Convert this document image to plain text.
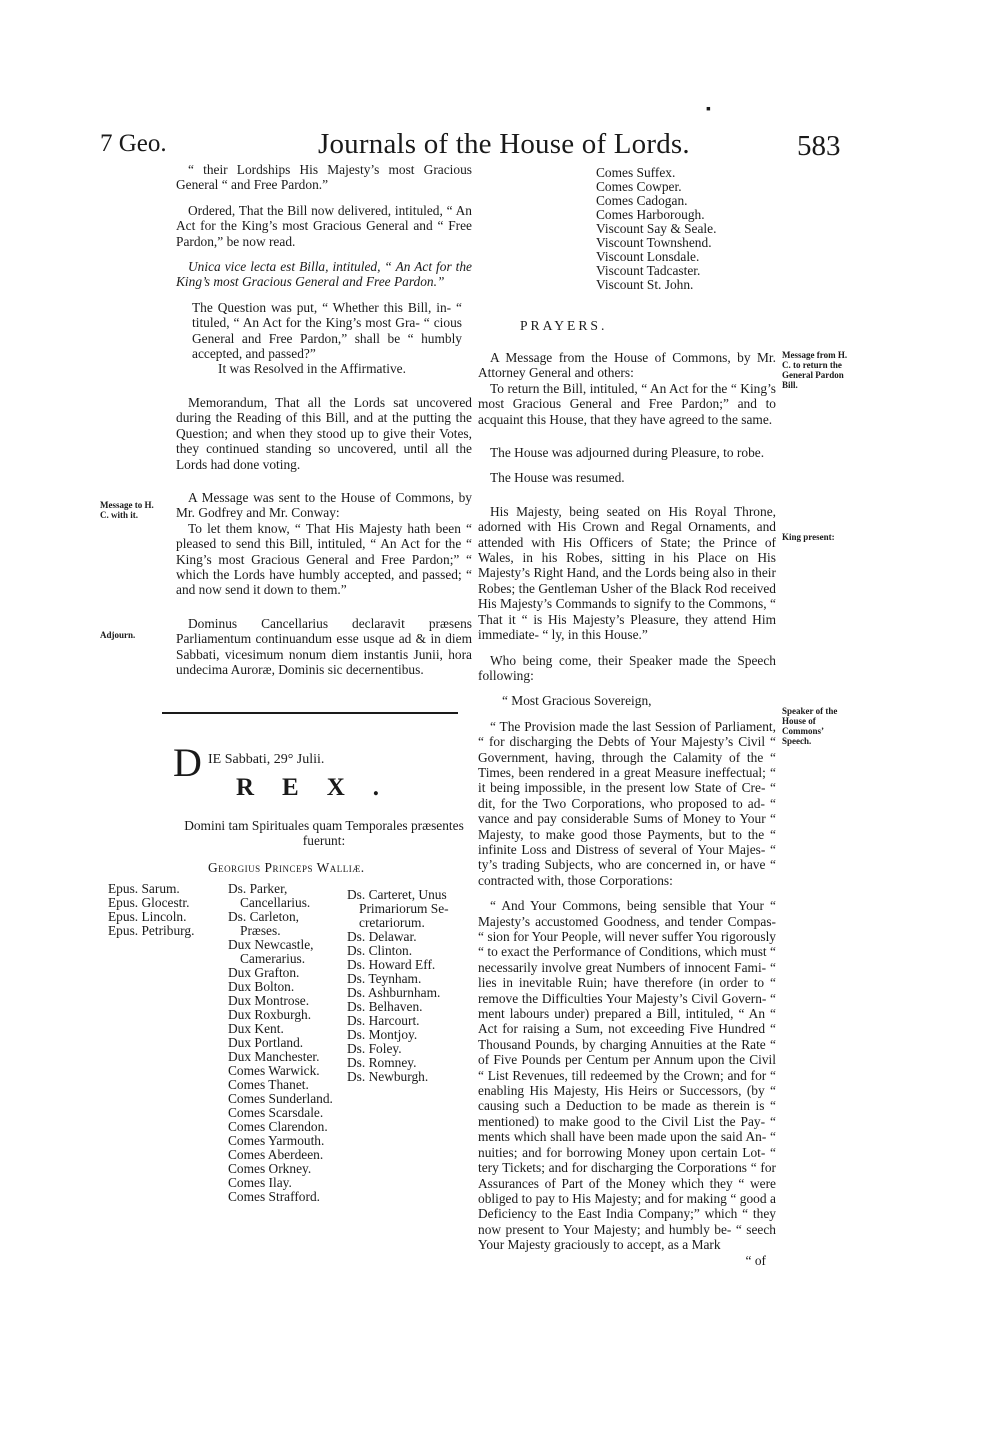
7 Geo.	Journals of the House of Lords.	583

“ their Lordships His Majesty’s most Gracious General “ and Free Pardon.”

Ordered, That the Bill now delivered, intituled, “ An Act for the King’s most Gracious General and “ Free Pardon,” be now read.

Unica vice lecta est Billa, intituled, “ An Act for the King’s most Gracious General and Free Pardon.”

The Question was put, “ Whether this Bill, in- “ tituled, “ An Act for the King’s most Gra- “ cious General and Free Pardon,” shall be “ humbly accepted, and passed?”

It was Resolved in the Affirmative.

Memorandum, That all the Lords sat uncovered during the Reading of this Bill, and at the putting the Question; and when they stood up to give their Votes, they continued standing so uncovered, until all the Lords had done voting.

A Message was sent to the House of Commons, by Mr. Godfrey and Mr. Conway:

To let them know, “ That His Majesty hath been “ pleased to send this Bill, intituled, “ An Act for the “ King’s most Gracious General and Free Pardon;” “ which the Lords have humbly accepted, and passed; “ and now send it down to them.”

Dominus Cancellarius declaravit præsens Parliamentum continuandum esse usque ad & in diem Sabbati, vicesimum nonum diem instantis Junii, hora undecima Auroræ, Dominis sic decernentibus.

Message to H. C. with it.
Adjourn.
D IE Sabbati, 29° Julii.
REX.
Domini tam Spirituales quam Temporales præsentes fuerunt:
Georgius Princeps Walliæ.
Epus. Sarum.
Epus. Glocestr.
Epus. Lincoln.
Epus. Petriburg.
Ds. Parker,
Cancellarius.
Ds. Carleton,
Præses.
Dux Newcastle,
Camerarius.
Dux Grafton.
Dux Bolton.
Dux Montrose.
Dux Roxburgh.
Dux Kent.
Dux Portland.
Dux Manchester.
Comes Warwick.
Comes Thanet.
Comes Sunderland.
Comes Scarsdale.
Comes Clarendon.
Comes Yarmouth.
Comes Aberdeen.
Comes Orkney.
Comes Ilay.
Comes Strafford.
Ds. Carteret, Unus
Primariorum Se-
cretariorum.
Ds. Delawar.
Ds. Clinton.
Ds. Howard Eff.
Ds. Teynham.
Ds. Ashburnham.
Ds. Belhaven.
Ds. Harcourt.
Ds. Montjoy.
Ds. Foley.
Ds. Romney.
Ds. Newburgh.
Comes Suffex.
Comes Cowper.
Comes Cadogan.
Comes Harborough.
Viscount Say & Seale.
Viscount Townshend.
Viscount Lonsdale.
Viscount Tadcaster.
Viscount St. John.
PRAYERS.

A Message from the House of Commons, by Mr. Attorney General and others:

To return the Bill, intituled, “ An Act for the “ King’s most Gracious General and Free Pardon;” and to acquaint this House, that they have agreed to the same.

The House was adjourned during Pleasure, to robe.

The House was resumed.

His Majesty, being seated on His Royal Throne, adorned with His Crown and Regal Ornaments, and attended with His Officers of State; the Prince of Wales, in his Robes, sitting in his Place on His Majesty’s Right Hand, and the Lords being also in their Robes; the Gentleman Usher of the Black Rod received His Majesty’s Commands to signify to the Commons, “ That it “ is His Majesty’s Pleasure, they attend Him immediate- “ ly, in this House.”

Who being come, their Speaker made the Speech following:

“ Most Gracious Sovereign,

“ The Provision made the last Session of Parliament, “ for discharging the Debts of Your Majesty’s Civil “ Government, having, through the Calamity of the “ Times, been rendered in a great Measure ineffectual; “ it being impossible, in the present low State of Cre- “ dit, for the Two Corporations, who proposed to ad- “ vance and pay considerable Sums of Money to Your “ Majesty, to make good those Payments, but to the “ infinite Loss and Distress of several of Your Majes- “ ty’s trading Subjects, who are concerned in, or have “ contracted with, those Corporations:

“ And Your Commons, being sensible that Your “ Majesty’s accustomed Goodness, and tender Compas- “ sion for Your People, will never suffer You rigorously “ to exact the Performance of Conditions, which must “ necessarily involve great Numbers of innocent Fami- “ lies in inevitable Ruin; have therefore (in order to “ remove the Difficulties Your Majesty’s Civil Govern- “ ment labours under) prepared a Bill, intituled, “ An “ Act for raising a Sum, not exceeding Five Hundred “ Thousand Pounds, by charging Annuities at the Rate “ of Five Pounds per Centum per Annum upon the Civil “ List Revenues, till redeemed by the Crown; and for “ enabling His Majesty, His Heirs or Successors, (by “ causing such a Deduction to be made as therein is “ mentioned) to make good to the Civil List the Pay- “ ments which shall have been made upon the said An- “ nuities; and for borrowing Money upon certain Lot- “ tery Tickets; and for discharging the Corporations “ for Assurances of Part of the Money which they “ were obliged to pay to His Majesty; and for making “ good a Deficiency to the East India Company;” which “ they now present to Your Majesty; and humbly be- “ seech Your Majesty graciously to accept, as a Mark

“ of

Message from H. C. to return the General Pardon Bill.
King present:
Speaker of the House of Commons’ Speech.
▪
